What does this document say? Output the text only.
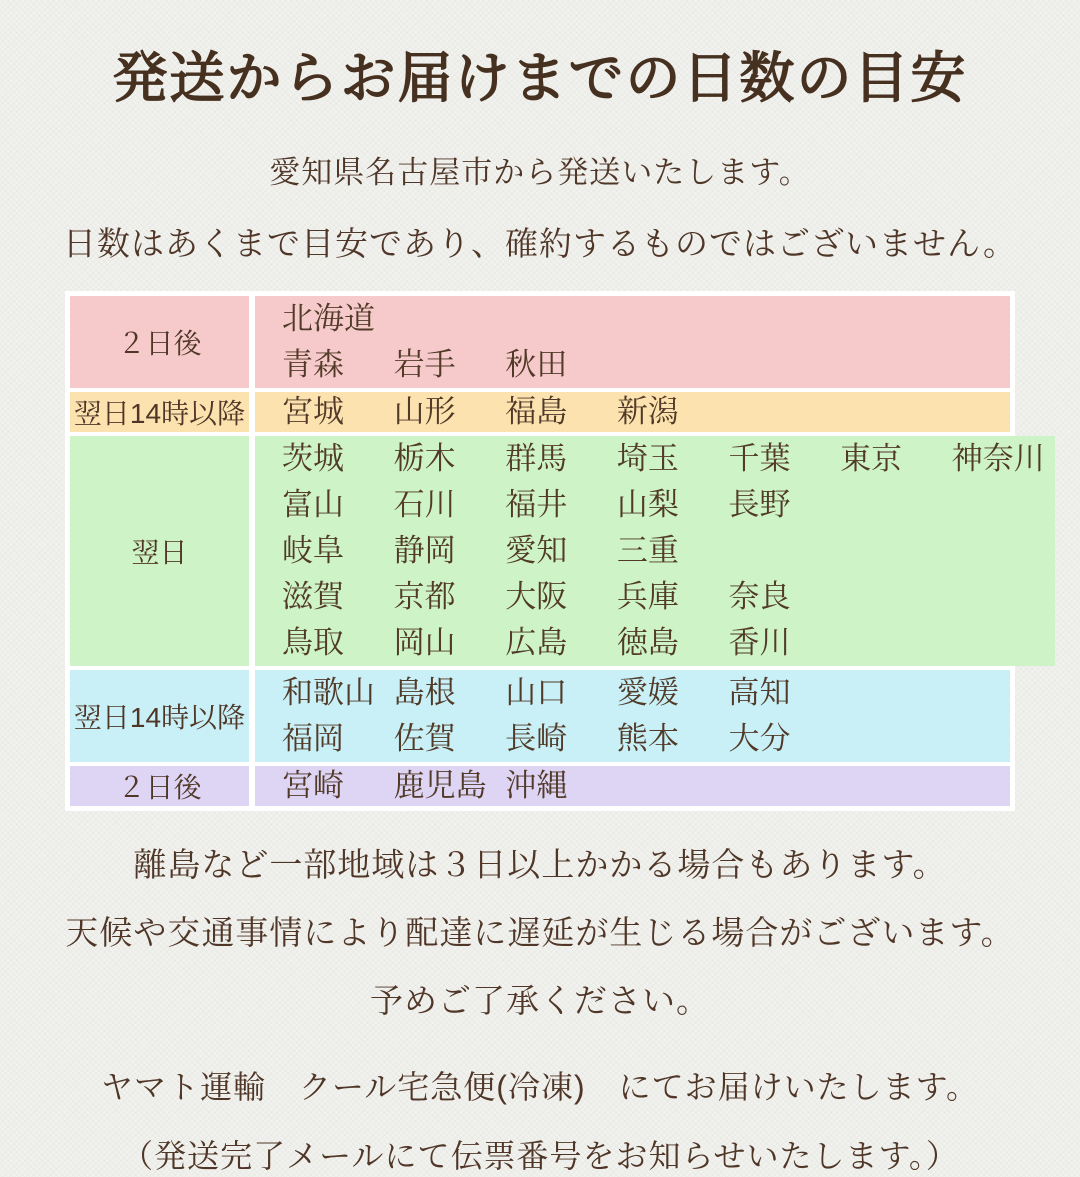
発送からお届けまでの日数の目安

愛知県名古屋市から発送いたします。

日数はあくまで目安であり、確約するものではございません。

２日後
北海道
青森 岩手 秋田
翌日14時以降 宮城 山形 福島 新潟
翌日
茨城 栃木 群馬 埼玉 千葉 東京 神奈川
富山 石川 福井 山梨 長野
岐阜 静岡 愛知 三重
滋賀 京都 大阪 兵庫 奈良
鳥取 岡山 広島 徳島 香川
翌日14時以降
和歌山 島根 山口 愛媛 高知
福岡 佐賀 長崎 熊本 大分
２日後	宮崎 鹿児島 沖縄

離島など一部地域は３日以上かかる場合もあります。

天候や交通事情により配達に遅延が生じる場合がございます。

予めご了承ください。

ヤマト運輸　クール宅急便(冷凍)　にてお届けいたします。

（発送完了メールにて伝票番号をお知らせいたします。）
